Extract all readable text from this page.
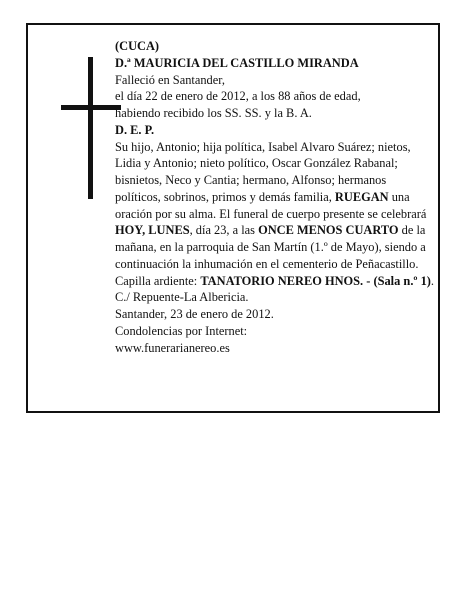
(CUCA)

D.ª MAURICIA DEL CASTILLO MIRANDA

Falleció en Santander,

el día 22 de enero de 2012, a los 88 años de edad,

habiendo recibido los SS. SS. y la B. A.

D. E. P.

Su hijo, Antonio; hija política, Isabel Alvaro Suárez; nietos, Lidia y Antonio; nieto político, Oscar González Rabanal; bisnietos, Neco y Cantia; hermano, Alfonso; hermanos políticos, sobrinos, primos y demás familia, RUEGAN una oración por su alma. El funeral de cuerpo presente se celebrará HOY, LUNES, día 23, a las ONCE MENOS CUARTO de la mañana, en la parroquia de San Martín (1.º de Mayo), siendo a continuación la inhumación en el cementerio de Peñacastillo.

Capilla ardiente: TANATORIO NEREO HNOS. - (Sala n.º 1). C./ Repuente-La Albericia.

Santander, 23 de enero de 2012.

Condolencias por Internet:

www.funerarianereo.es
